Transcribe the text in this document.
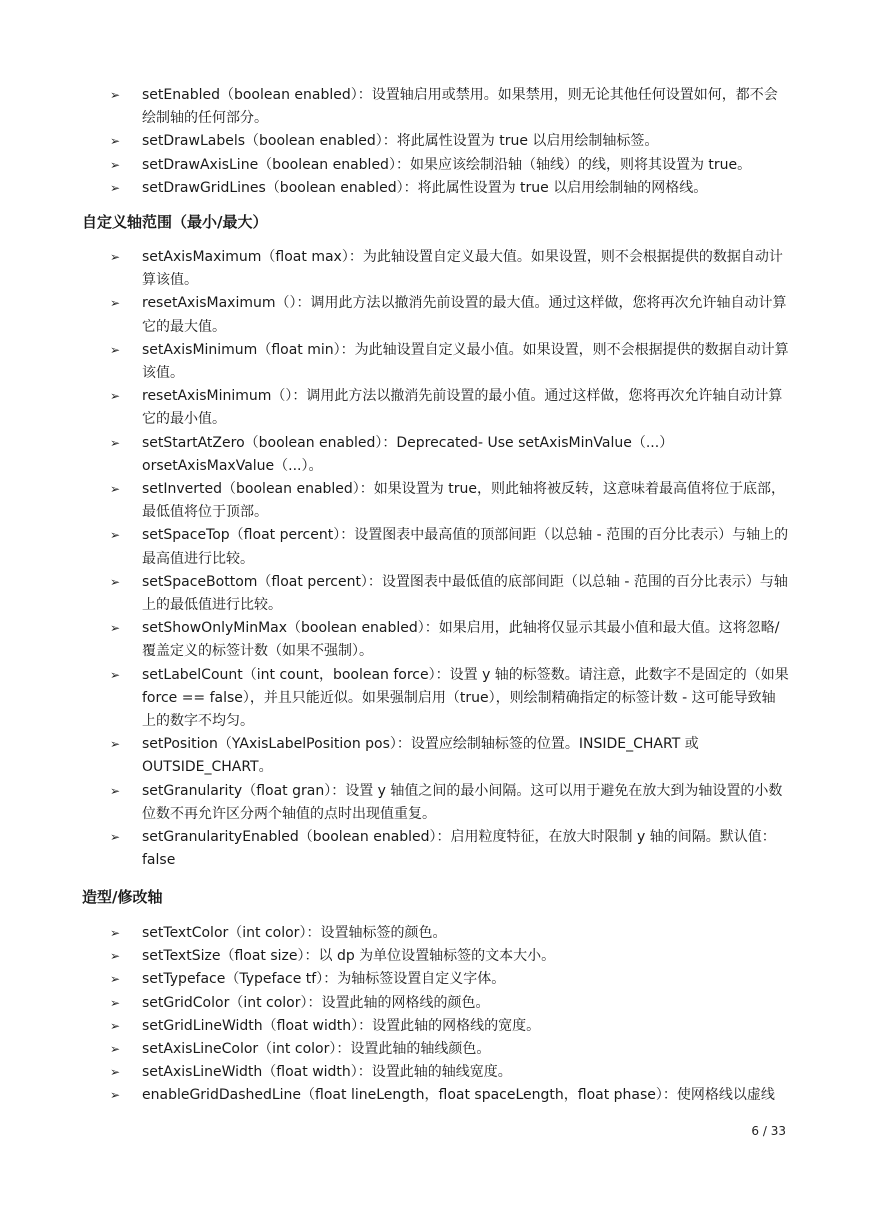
➢ setEnabled（boolean enabled）：设置轴启用或禁用。如果禁用，则无论其他任何设置如何，都不会绘制轴的任何部分。
➢ setDrawLabels（boolean enabled）：将此属性设置为 true 以启用绘制轴标签。
➢ setDrawAxisLine（boolean enabled）：如果应该绘制沿轴（轴线）的线，则将其设置为 true。
➢ setDrawGridLines（boolean enabled）：将此属性设置为 true 以启用绘制轴的网格线。
自定义轴范围（最小/最大）
➢ setAxisMaximum（float max）：为此轴设置自定义最大值。如果设置，则不会根据提供的数据自动计算该值。
➢ resetAxisMaximum（）：调用此方法以撤消先前设置的最大值。通过这样做，您将再次允许轴自动计算它的最大值。
➢ setAxisMinimum（float min）：为此轴设置自定义最小值。如果设置，则不会根据提供的数据自动计算该值。
➢ resetAxisMinimum（）：调用此方法以撤消先前设置的最小值。通过这样做，您将再次允许轴自动计算它的最小值。
➢ setStartAtZero（boolean enabled）：Deprecated- Use setAxisMinValue（...）orsetAxisMaxValue（...）。
➢ setInverted（boolean enabled）：如果设置为 true，则此轴将被反转，这意味着最高值将位于底部，最低值将位于顶部。
➢ setSpaceTop（float percent）：设置图表中最高值的顶部间距（以总轴 - 范围的百分比表示）与轴上的最高值进行比较。
➢ setSpaceBottom（float percent）：设置图表中最低值的底部间距（以总轴 - 范围的百分比表示）与轴上的最低值进行比较。
➢ setShowOnlyMinMax（boolean enabled）：如果启用，此轴将仅显示其最小值和最大值。这将忽略/覆盖定义的标签计数（如果不强制）。
➢ setLabelCount（int count，boolean force）：设置 y 轴的标签数。请注意，此数字不是固定的（如果 force == false），并且只能近似。如果强制启用（true），则绘制精确指定的标签计数 - 这可能导致轴上的数字不均匀。
➢ setPosition（YAxisLabelPosition pos）：设置应绘制轴标签的位置。INSIDE_CHART 或 OUTSIDE_CHART。
➢ setGranularity（float gran）：设置 y 轴值之间的最小间隔。这可以用于避免在放大到为轴设置的小数位数不再允许区分两个轴值的点时出现值重复。
➢ setGranularityEnabled（boolean enabled）：启用粒度特征，在放大时限制 y 轴的间隔。默认值：false
造型/修改轴
➢ setTextColor（int color）：设置轴标签的颜色。
➢ setTextSize（float size）：以 dp 为单位设置轴标签的文本大小。
➢ setTypeface（Typeface tf）：为轴标签设置自定义字体。
➢ setGridColor（int color）：设置此轴的网格线的颜色。
➢ setGridLineWidth（float width）：设置此轴的网格线的宽度。
➢ setAxisLineColor（int color）：设置此轴的轴线颜色。
➢ setAxisLineWidth（float width）：设置此轴的轴线宽度。
➢ enableGridDashedLine（float lineLength，float spaceLength，float phase）：使网格线以虚线
6 / 33
